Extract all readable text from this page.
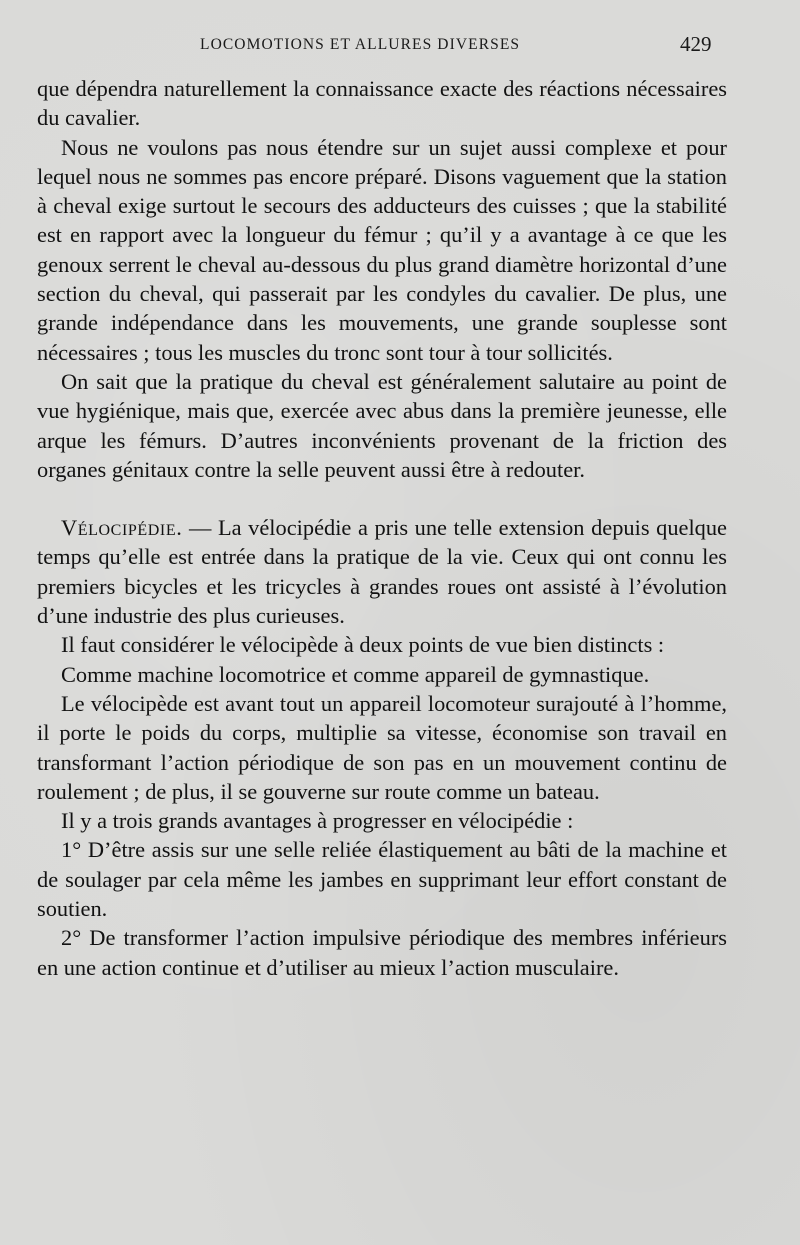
LOCOMOTIONS ET ALLURES DIVERSES	429

que dépendra naturellement la connaissance exacte des réactions nécessaires du cavalier.

Nous ne voulons pas nous étendre sur un sujet aussi complexe et pour lequel nous ne sommes pas encore préparé. Disons vaguement que la station à cheval exige surtout le secours des adducteurs des cuisses ; que la stabilité est en rapport avec la longueur du fémur ; qu’il y a avantage à ce que les genoux serrent le cheval au-dessous du plus grand diamètre horizontal d’une section du cheval, qui passerait par les condyles du cavalier. De plus, une grande indépendance dans les mouvements, une grande souplesse sont nécessaires ; tous les muscles du tronc sont tour à tour sollicités.

On sait que la pratique du cheval est généralement salutaire au point de vue hygiénique, mais que, exercée avec abus dans la première jeunesse, elle arque les fémurs. D’autres inconvénients provenant de la friction des organes génitaux contre la selle peuvent aussi être à redouter.

Vélocipédie. — La vélocipédie a pris une telle extension depuis quelque temps qu’elle est entrée dans la pratique de la vie. Ceux qui ont connu les premiers bicycles et les tricycles à grandes roues ont assisté à l’évolution d’une industrie des plus curieuses.

Il faut considérer le vélocipède à deux points de vue bien distincts :

Comme machine locomotrice et comme appareil de gymnastique.

Le vélocipède est avant tout un appareil locomoteur surajouté à l’homme, il porte le poids du corps, multiplie sa vitesse, économise son travail en transformant l’action périodique de son pas en un mouvement continu de roulement ; de plus, il se gouverne sur route comme un bateau.

Il y a trois grands avantages à progresser en vélocipédie :

1° D’être assis sur une selle reliée élastiquement au bâti de la machine et de soulager par cela même les jambes en supprimant leur effort constant de soutien.

2° De transformer l’action impulsive périodique des membres inférieurs en une action continue et d’utiliser au mieux l’action musculaire.
